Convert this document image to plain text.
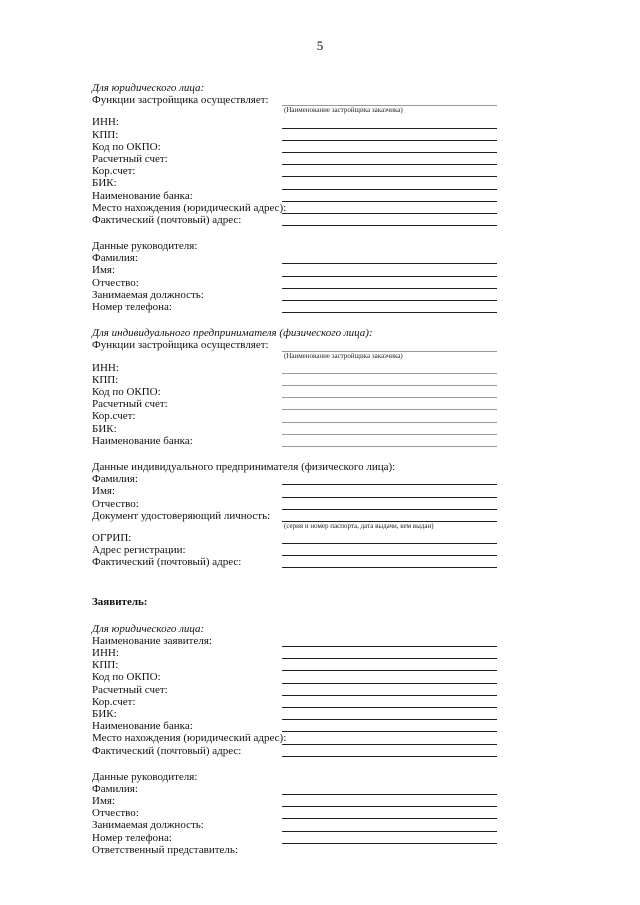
5
Для юридического лица:
Функции застройщика осуществляет:
(Наименование застройщика заказчика)
ИНН:
КПП:
Код по ОКПО:
Расчетный счет:
Кор.счет:
БИК:
Наименование банка:
Место нахождения (юридический адрес):
Фактический (почтовый) адрес:
Данные руководителя:
Фамилия:
Имя:
Отчество:
Занимаемая должность:
Номер телефона:
Для индивидуального предпринимателя (физического лица):
Функции застройщика осуществляет:
(Наименование застройщика заказчика)
ИНН:
КПП:
Код по ОКПО:
Расчетный счет:
Кор.счет:
БИК:
Наименование банка:
Данные индивидуального предпринимателя (физического лица):
Фамилия:
Имя:
Отчество:
Документ удостоверяющий личность:
(серия и номер паспорта, дата выдачи, кем выдан)
ОГРИП:
Адрес регистрации:
Фактический (почтовый) адрес:
Заявитель:
Для юридического лица:
Наименование заявителя:
ИНН:
КПП:
Код по ОКПО:
Расчетный счет:
Кор.счет:
БИК:
Наименование банка:
Место нахождения (юридический адрес):
Фактический (почтовый) адрес:
Данные руководителя:
Фамилия:
Имя:
Отчество:
Занимаемая должность:
Номер телефона:
Ответственный представитель:
